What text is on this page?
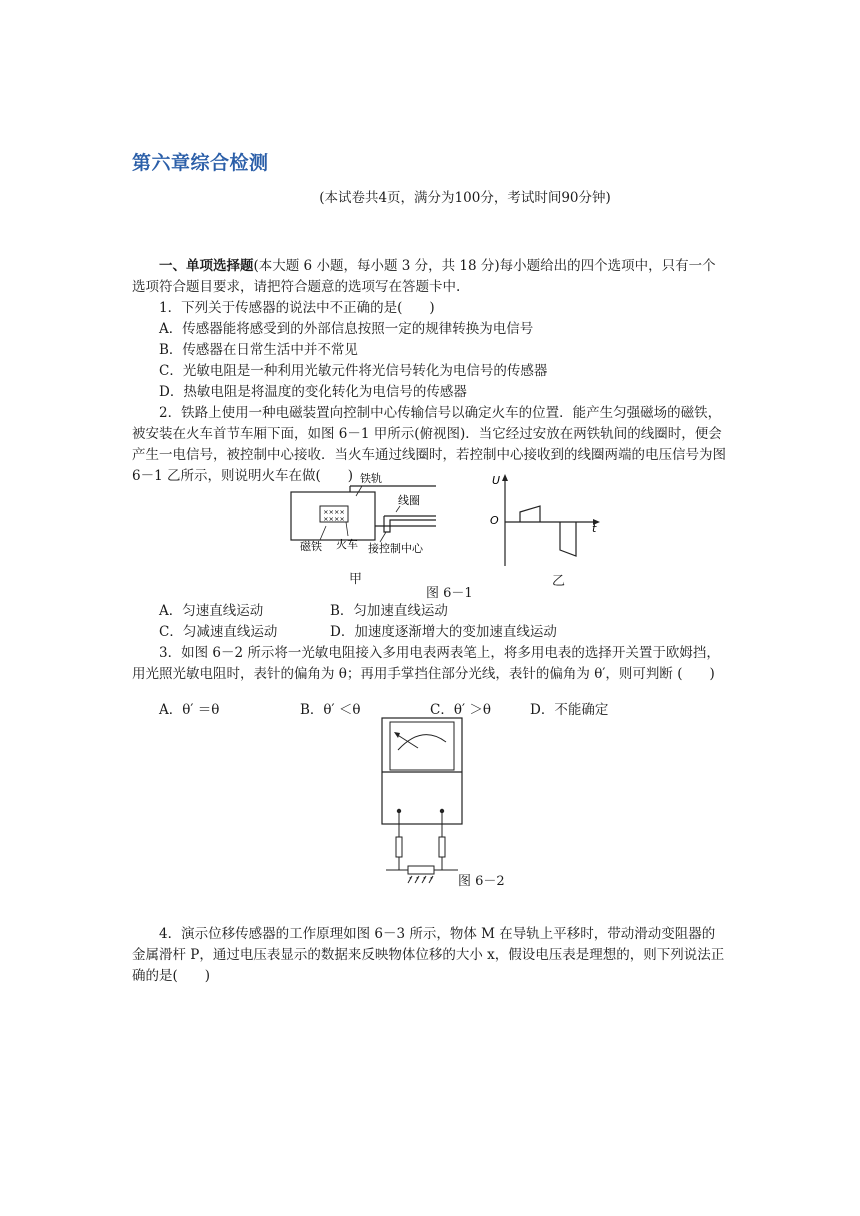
第六章综合检测
(本试卷共4页，满分为100分，考试时间90分钟)
一、单项选择题(本大题 6 小题，每小题 3 分，共 18 分)每小题给出的四个选项中，只有一个选项符合题目要求，请把符合题意的选项写在答题卡中.
1．下列关于传感器的说法中不正确的是(　　)
A．传感器能将感受到的外部信息按照一定的规律转换为电信号
B．传感器在日常生活中并不常见
C．光敏电阻是一种利用光敏元件将光信号转化为电信号的传感器
D．热敏电阻是将温度的变化转化为电信号的传感器
2．铁路上使用一种电磁装置向控制中心传输信号以确定火车的位置．能产生匀强磁场的磁铁，被安装在火车首节车厢下面，如图 6－1 甲所示(俯视图)．当它经过安放在两铁轨间的线圈时，便会产生一电信号，被控制中心接收．当火车通过线圈时，若控制中心接收到的线圈两端的电压信号为图 6－1 乙所示，则说明火车在做(　　)
××××
××××
铁轨
线圈
磁铁 火车 接控制中心
U
O
t
甲	乙
图 6－1
A．匀速直线运动	B．匀加速直线运动
C．匀减速直线运动	D．加速度逐渐增大的变加速直线运动
3．如图 6－2 所示将一光敏电阻接入多用电表两表笔上，将多用电表的选择开关置于欧姆挡，用光照光敏电阻时，表针的偏角为 θ；再用手掌挡住部分光线，表针的偏角为 θ′，则可判断 (　　)
A．θ′ ＝θ	B．θ′ ＜θ	C．θ′ ＞θ	D．不能确定
图 6－2
4．演示位移传感器的工作原理如图 6－3 所示，物体 M 在导轨上平移时，带动滑动变阻器的金属滑杆 P，通过电压表显示的数据来反映物体位移的大小 x，假设电压表是理想的，则下列说法正确的是(　　)
